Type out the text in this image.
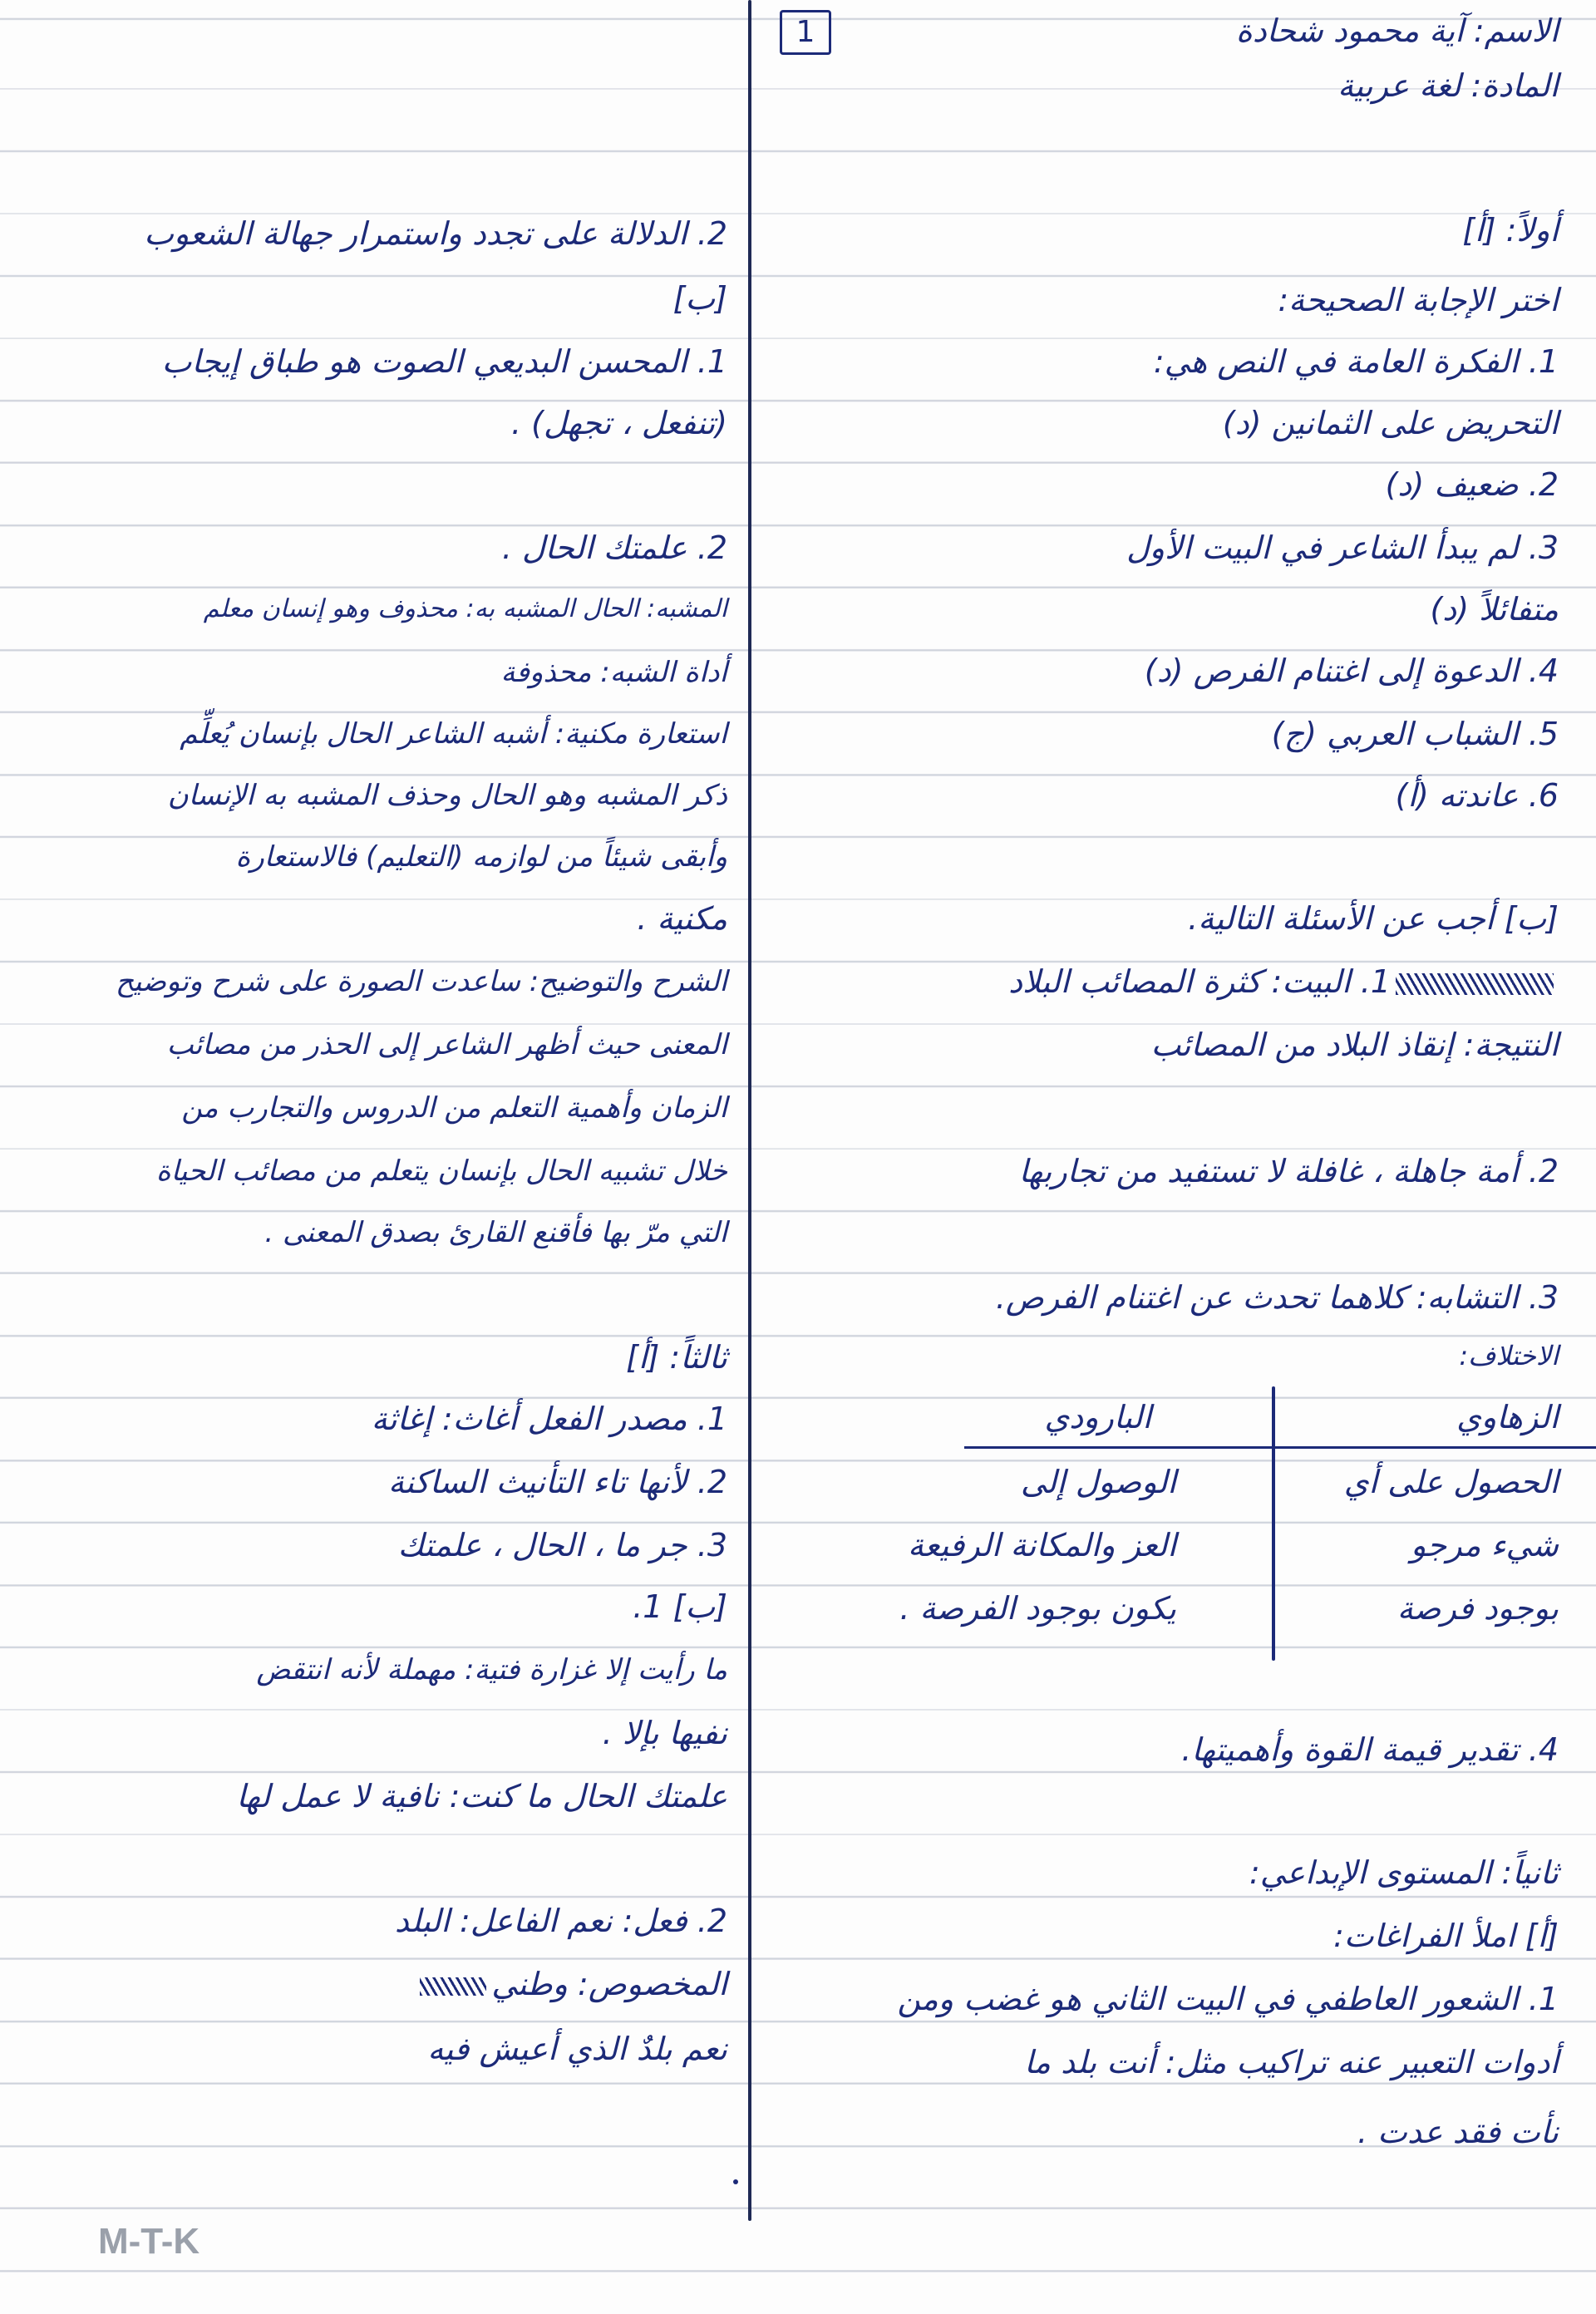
1	الاسم: آية محمود شحادة
المادة: لغة عربية
أولاً: [أ]
اختر الإجابة الصحيحة:
1. الفكرة العامة في النص هي:
التحريض على الثمانين (د)
2. ضعيف (د)
3. لم يبدأ الشاعر في البيت الأول
متفائلاً (د)
4. الدعوة إلى اغتنام الفرص (د)
5. الشباب العربي (ج)
6. عاندته (أ)
[ب] أجب عن الأسئلة التالية.
1. البيت: كثرة المصائب البلاد
النتيجة: إنقاذ البلاد من المصائب
2. أمة جاهلة ، غافلة لا تستفيد من تجاربها
3. التشابه: كلاهما تحدث عن اغتنام الفرص.
الاختلاف:
الزهاوي
البارودي
الحصول على أي
الوصول إلى
شيء مرجو
العز والمكانة الرفيعة
بوجود فرصة
يكون بوجود الفرصة .
4. تقدير قيمة القوة وأهميتها.
ثانياً: المستوى الإبداعي:
[أ] املأ الفراغات:
1. الشعور العاطفي في البيت الثاني هو غضب ومن
أدوات التعبير عنه تراكيب مثل: أنت بلد ما
نأت فقد عدت .
2. الدلالة على تجدد واستمرار جهالة الشعوب
[ب]
1. المحسن البديعي الصوت هو طباق إيجاب
(تنفعل ، تجهل) .
2. علمتك الحال .
المشبه: الحال المشبه به: محذوف وهو إنسان معلم
أداة الشبه: محذوفة
استعارة مكنية: أشبه الشاعر الحال بإنسان يُعلِّم
ذكر المشبه وهو الحال وحذف المشبه به الإنسان
وأبقى شيئاً من لوازمه (التعليم) فالاستعارة
مكنية .
الشرح والتوضيح: ساعدت الصورة على شرح وتوضيح
المعنى حيث أظهر الشاعر إلى الحذر من مصائب
الزمان وأهمية التعلم من الدروس والتجارب من
خلال تشبيه الحال بإنسان يتعلم من مصائب الحياة
التي مرّ بها فأقنع القارئ بصدق المعنى .
ثالثاً: [أ]
1. مصدر الفعل أغاث: إغاثة
2. لأنها تاء التأنيث الساكنة
3. جر ما ، الحال ، علمتك
[ب] 1.
ما رأيت إلا غزارة فتية: مهملة لأنه انتقض
نفيها بإلا .
علمتك الحال ما كنت: نافية لا عمل لها
2. فعل: نعم الفاعل: البلد
المخصوص: وطني
نعم بلدٌ الذي أعيش فيه
M-T-K
